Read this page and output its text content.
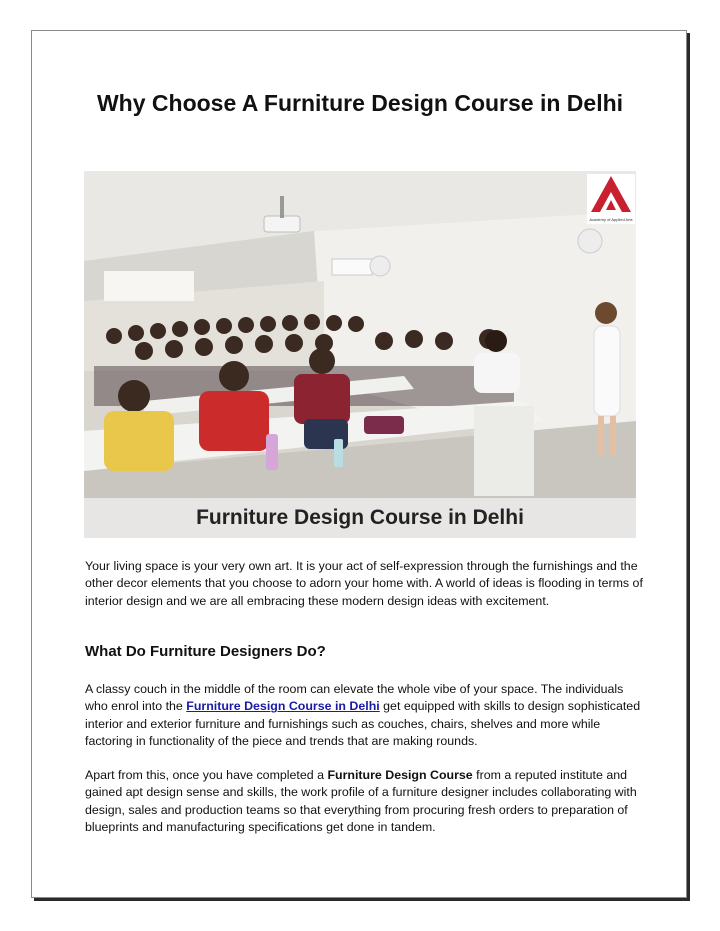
Why Choose A Furniture Design Course in Delhi
Academy of Applied Arts
Furniture Design Course in Delhi

Your living space is your very own art. It is your act of self-expression through the furnishings and the other decor elements that you choose to adorn your home with. A world of ideas is flooding in terms of interior design and we are all embracing these modern design ideas with excitement.

What Do Furniture Designers Do?

A classy couch in the middle of the room can elevate the whole vibe of your space. The individuals who enrol into the Furniture Design Course in Delhi get equipped with skills to design sophisticated interior and exterior furniture and furnishings such as couches, chairs, shelves and more while factoring in functionality of the piece and trends that are making rounds.

Apart from this, once you have completed a Furniture Design Course from a reputed institute and gained apt design sense and skills, the work profile of a furniture designer includes collaborating with design, sales and production teams so that everything from procuring fresh orders to preparation of blueprints and manufacturing specifications get done in tandem.
